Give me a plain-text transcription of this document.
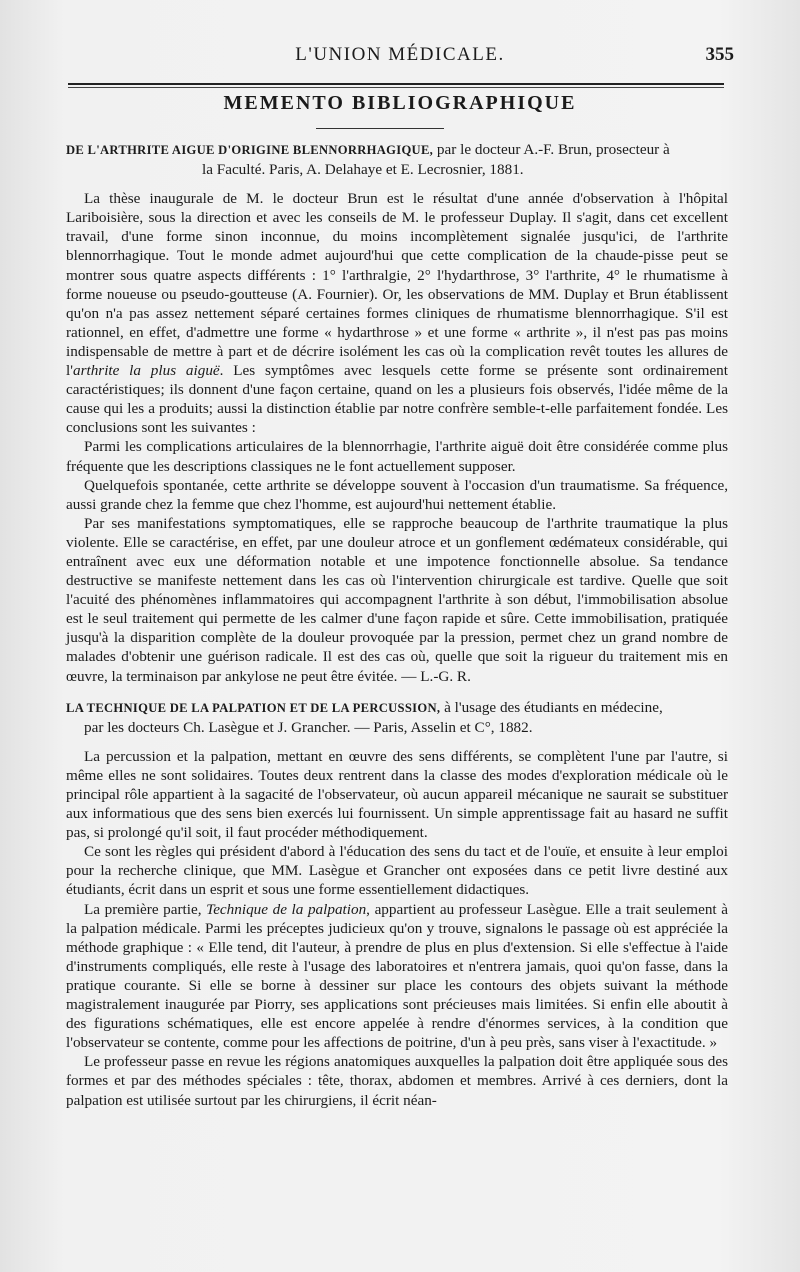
L'UNION MÉDICALE.	355
MEMENTO BIBLIOGRAPHIQUE
DE L'ARTHRITE AIGUE D'ORIGINE BLENNORRHAGIQUE, par le docteur A.-F. Brun, prosecteur à
la Faculté. Paris, A. Delahaye et E. Lecrosnier, 1881.

La thèse inaugurale de M. le docteur Brun est le résultat d'une année d'observation à l'hôpital Lariboisière, sous la direction et avec les conseils de M. le professeur Duplay. Il s'agit, dans cet excellent travail, d'une forme sinon inconnue, du moins incomplètement signalée jusqu'ici, de l'arthrite blennorrhagique. Tout le monde admet aujourd'hui que cette complication de la chaude-pisse peut se montrer sous quatre aspects différents : 1° l'arthralgie, 2° l'hydarthrose, 3° l'arthrite, 4° le rhumatisme à forme noueuse ou pseudo-goutteuse (A. Fournier). Or, les observations de MM. Duplay et Brun établissent qu'on n'a pas assez nettement séparé certaines formes cliniques de rhumatisme blennorrhagique. S'il est rationnel, en effet, d'admettre une forme « hydarthrose » et une forme « arthrite », il n'est pas pas moins indispensable de mettre à part et de décrire isolément les cas où la complication revêt toutes les allures de l'arthrite la plus aiguë. Les symptômes avec lesquels cette forme se présente sont ordinairement caractéristiques; ils donnent d'une façon certaine, quand on les a plusieurs fois observés, l'idée même de la cause qui les a produits; aussi la distinction établie par notre confrère semble-t-elle parfaitement fondée. Les conclusions sont les suivantes :

Parmi les complications articulaires de la blennorrhagie, l'arthrite aiguë doit être considérée comme plus fréquente que les descriptions classiques ne le font actuellement supposer.

Quelquefois spontanée, cette arthrite se développe souvent à l'occasion d'un traumatisme. Sa fréquence, aussi grande chez la femme que chez l'homme, est aujourd'hui nettement établie.

Par ses manifestations symptomatiques, elle se rapproche beaucoup de l'arthrite traumatique la plus violente. Elle se caractérise, en effet, par une douleur atroce et un gonflement œdémateux considérable, qui entraînent avec eux une déformation notable et une impotence fonctionnelle absolue. Sa tendance destructive se manifeste nettement dans les cas où l'intervention chirurgicale est tardive. Quelle que soit l'acuité des phénomènes inflammatoires qui accompagnent l'arthrite à son début, l'immobilisation absolue est le seul traitement qui permette de les calmer d'une façon rapide et sûre. Cette immobilisation, pratiquée jusqu'à la disparition complète de la douleur provoquée par la pression, permet chez un grand nombre de malades d'obtenir une guérison radicale. Il est des cas où, quelle que soit la rigueur du traitement mis en œuvre, la terminaison par ankylose ne peut être évitée. — L.-G. R.

LA TECHNIQUE DE LA PALPATION ET DE LA PERCUSSION, à l'usage des étudiants en médecine,
par les docteurs Ch. Lasègue et J. Grancher. — Paris, Asselin et C°, 1882.

La percussion et la palpation, mettant en œuvre des sens différents, se complètent l'une par l'autre, si même elles ne sont solidaires. Toutes deux rentrent dans la classe des modes d'exploration médicale où le principal rôle appartient à la sagacité de l'observateur, où aucun appareil mécanique ne saurait se substituer aux informatious que des sens bien exercés lui fournissent. Un simple apprentissage fait au hasard ne suffit pas, si prolongé qu'il soit, il faut procéder méthodiquement.

Ce sont les règles qui président d'abord à l'éducation des sens du tact et de l'ouïe, et ensuite à leur emploi pour la recherche clinique, que MM. Lasègue et Grancher ont exposées dans ce petit livre destiné aux étudiants, écrit dans un esprit et sous une forme essentiellement didactiques.

La première partie, Technique de la palpation, appartient au professeur Lasègue. Elle a trait seulement à la palpation médicale. Parmi les préceptes judicieux qu'on y trouve, signalons le passage où est appréciée la méthode graphique : « Elle tend, dit l'auteur, à prendre de plus en plus d'extension. Si elle s'effectue à l'aide d'instruments compliqués, elle reste à l'usage des laboratoires et n'entrera jamais, quoi qu'on fasse, dans la pratique courante. Si elle se borne à dessiner sur place les contours des objets suivant la méthode magistralement inaugurée par Piorry, ses applications sont précieuses mais limitées. Si enfin elle aboutit à des figurations schématiques, elle est encore appelée à rendre d'énormes services, à la condition que l'observateur se contente, comme pour les affections de poitrine, d'un à peu près, sans viser à l'exactitude. »

Le professeur passe en revue les régions anatomiques auxquelles la palpation doit être appliquée sous des formes et par des méthodes spéciales : tête, thorax, abdomen et membres. Arrivé à ces derniers, dont la palpation est utilisée surtout par les chirurgiens, il écrit néan-
